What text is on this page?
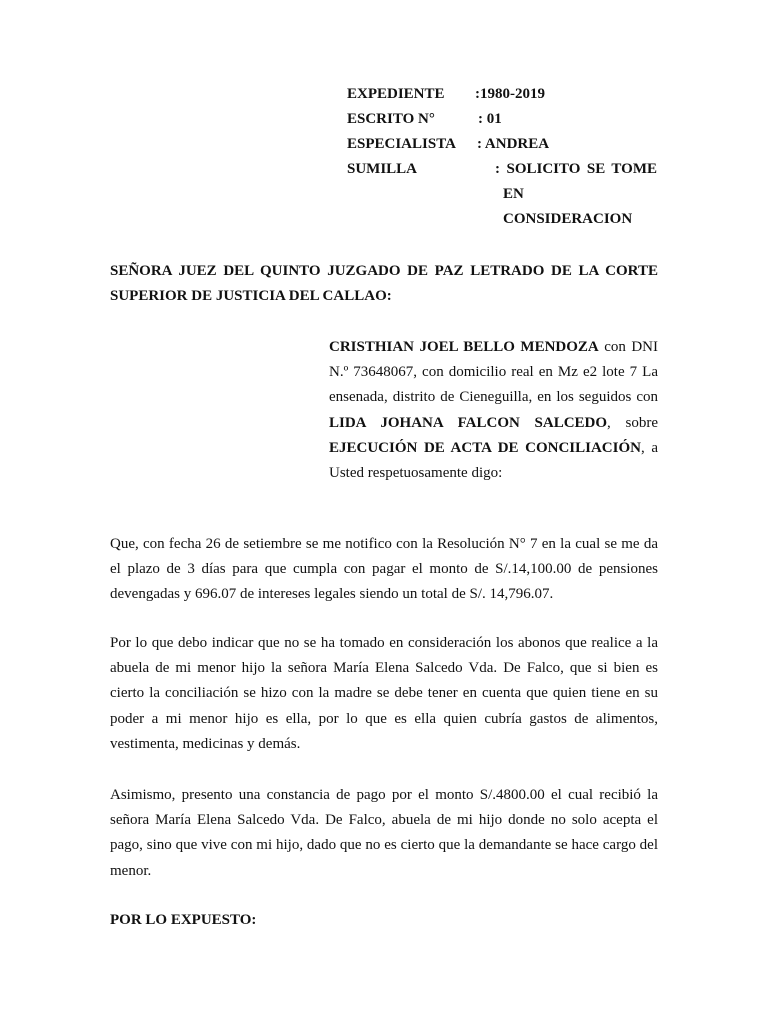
EXPEDIENTE :1980-2019
ESCRITO N°	: 01
ESPECIALISTA : ANDREA
SUMILLA	: SOLICITO SE TOME
EN
CONSIDERACION
SEÑORA JUEZ DEL QUINTO JUZGADO DE PAZ LETRADO DE LA CORTE SUPERIOR DE JUSTICIA DEL CALLAO:
CRISTHIAN JOEL BELLO MENDOZA con DNI N.º 73648067, con domicilio real en Mz e2 lote 7 La ensenada, distrito de Cieneguilla, en los seguidos con LIDA JOHANA FALCON SALCEDO, sobre EJECUCIÓN DE ACTA DE CONCILIACIÓN, a Usted respetuosamente digo:
Que, con fecha 26 de setiembre se me notifico con la Resolución N° 7 en la cual se me da el plazo de 3 días para que cumpla con pagar el monto de S/.14,100.00 de pensiones devengadas y 696.07 de intereses legales siendo un total de S/. 14,796.07.
Por lo que debo indicar que no se ha tomado en consideración los abonos que realice a la abuela de mi menor hijo la señora María Elena Salcedo Vda. De Falco, que si bien es cierto la conciliación se hizo con la madre se debe tener en cuenta que quien tiene en su poder a mi menor hijo es ella, por lo que es ella quien cubría gastos de alimentos, vestimenta, medicinas y demás.
Asimismo, presento una constancia de pago por el monto S/.4800.00 el cual recibió la señora María Elena Salcedo Vda. De Falco, abuela de mi hijo donde no solo acepta el pago, sino que vive con mi hijo, dado que no es cierto que la demandante se hace cargo del menor.
POR LO EXPUESTO:
